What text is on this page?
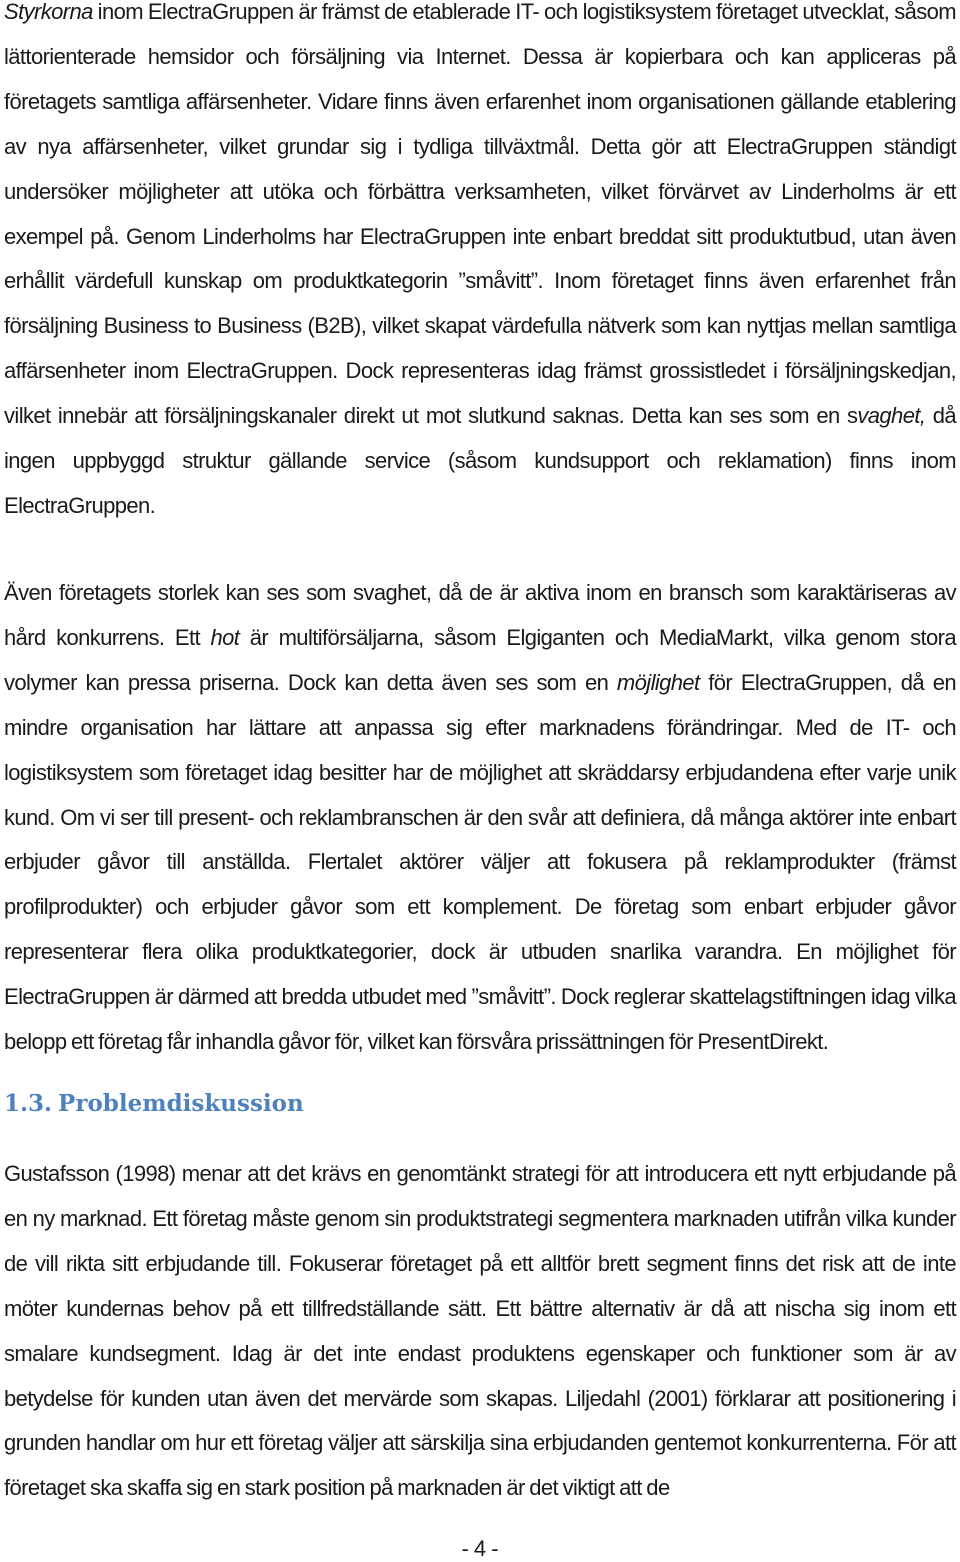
Styrkorna inom ElectraGruppen är främst de etablerade IT- och logistiksystem företaget utvecklat, såsom lättorienterade hemsidor och försäljning via Internet. Dessa är kopierbara och kan appliceras på företagets samtliga affärsenheter. Vidare finns även erfarenhet inom organisationen gällande etablering av nya affärsenheter, vilket grundar sig i tydliga tillväxtmål. Detta gör att ElectraGruppen ständigt undersöker möjligheter att utöka och förbättra verksamheten, vilket förvärvet av Linderholms är ett exempel på. Genom Linderholms har ElectraGruppen inte enbart breddat sitt produktutbud, utan även erhållit värdefull kunskap om produktkategorin ”småvitt”. Inom företaget finns även erfarenhet från försäljning Business to Business (B2B), vilket skapat värdefulla nätverk som kan nyttjas mellan samtliga affärsenheter inom ElectraGruppen. Dock representeras idag främst grossistledet i försäljningskedjan, vilket innebär att försäljningskanaler direkt ut mot slutkund saknas. Detta kan ses som en svaghet, då ingen uppbyggd struktur gällande service (såsom kundsupport och reklamation) finns inom ElectraGruppen.

Även företagets storlek kan ses som svaghet, då de är aktiva inom en bransch som karaktäriseras av hård konkurrens. Ett hot är multiförsäljarna, såsom Elgiganten och MediaMarkt, vilka genom stora volymer kan pressa priserna. Dock kan detta även ses som en möjlighet för ElectraGruppen, då en mindre organisation har lättare att anpassa sig efter marknadens förändringar. Med de IT- och logistiksystem som företaget idag besitter har de möjlighet att skräddarsy erbjudandena efter varje unik kund. Om vi ser till present- och reklambranschen är den svår att definiera, då många aktörer inte enbart erbjuder gåvor till anställda. Flertalet aktörer väljer att fokusera på reklamprodukter (främst profilprodukter) och erbjuder gåvor som ett komplement. De företag som enbart erbjuder gåvor representerar flera olika produktkategorier, dock är utbuden snarlika varandra. En möjlighet för ElectraGruppen är därmed att bredda utbudet med ”småvitt”. Dock reglerar skattelagstiftningen idag vilka belopp ett företag får inhandla gåvor för, vilket kan försvåra prissättningen för PresentDirekt.

1.3. Problemdiskussion

Gustafsson (1998) menar att det krävs en genomtänkt strategi för att introducera ett nytt erbjudande på en ny marknad. Ett företag måste genom sin produktstrategi segmentera marknaden utifrån vilka kunder de vill rikta sitt erbjudande till. Fokuserar företaget på ett alltför brett segment finns det risk att de inte möter kundernas behov på ett tillfredställande sätt. Ett bättre alternativ är då att nischa sig inom ett smalare kundsegment. Idag är det inte endast produktens egenskaper och funktioner som är av betydelse för kunden utan även det mervärde som skapas. Liljedahl (2001) förklarar att positionering i grunden handlar om hur ett företag väljer att särskilja sina erbjudanden gentemot konkurrenterna. För att företaget ska skaffa sig en stark position på marknaden är det viktigt att de

- 4 -
